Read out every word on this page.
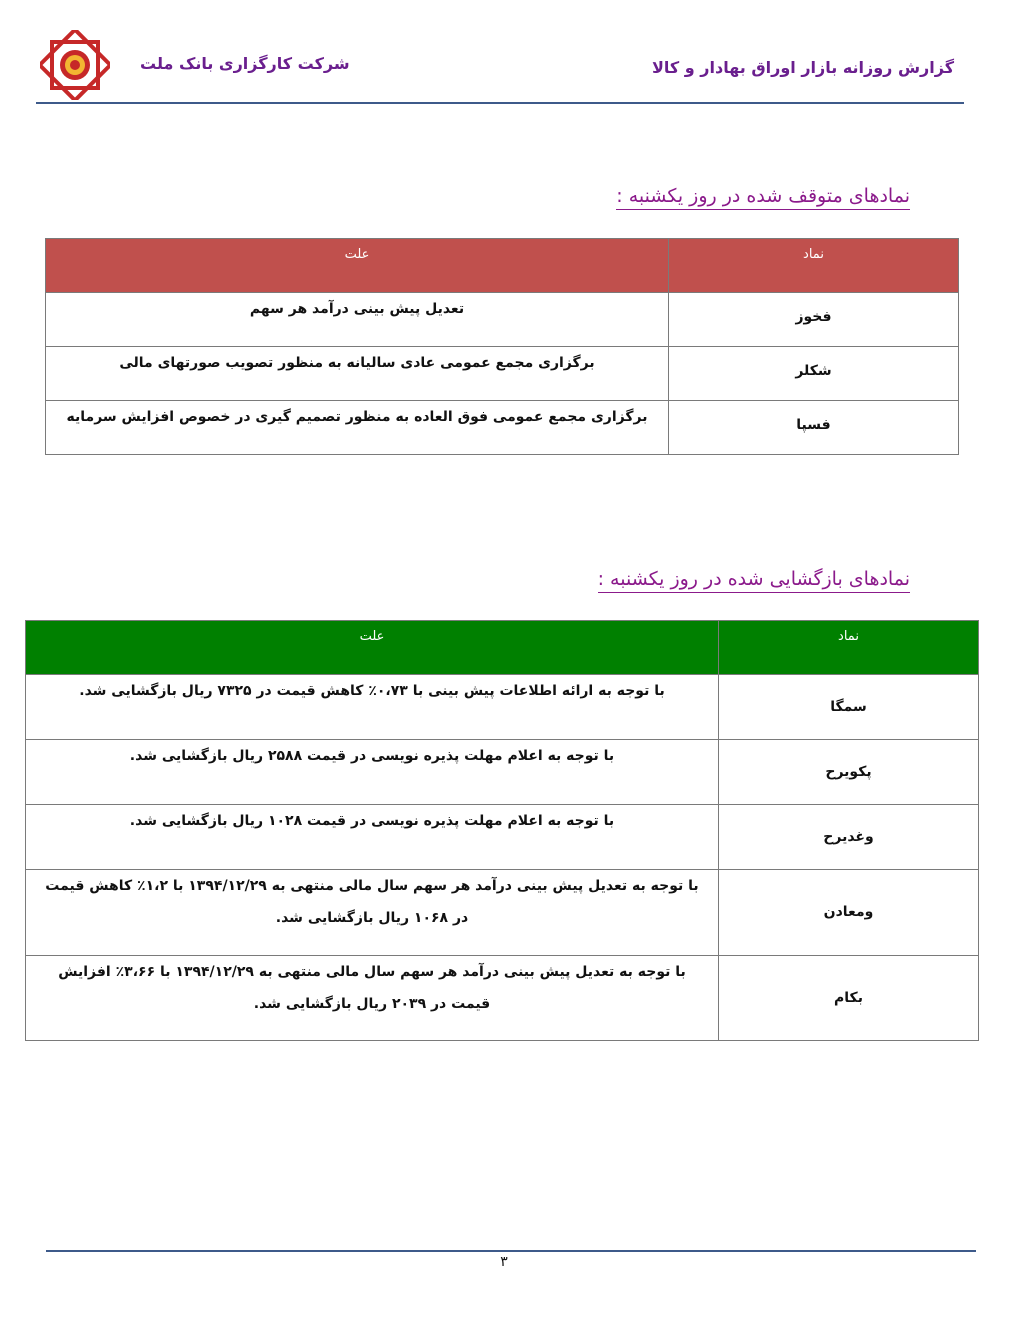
شرکت کارگزاری بانک ملت	گزارش روزانه بازار اوراق بهادار و کالا
نمادهای متوقف شده در روز یکشنبه :
نماد	علت
فخوز	تعدیل پیش بینی درآمد هر سهم

شکلر	برگزاری مجمع عمومی عادی سالیانه به منظور تصویب صورتهای مالی

فسپا	برگزاری مجمع عمومی فوق العاده به منظور تصمیم گیری در خصوص افزایش سرمایه
نمادهای بازگشایی شده در روز یکشنبه :
نماد	علت
سمگا	با توجه به ارائه اطلاعات پیش بینی با ۰،۷۳٪ کاهش قیمت در ۷۳۲۵ ریال بازگشایی شد.

پکویرح	با توجه به اعلام مهلت پذیره نویسی در قیمت ۲۵۸۸ ریال بازگشایی شد.

وغدیرح	با توجه به اعلام مهلت پذیره نویسی در قیمت ۱۰۲۸ ریال بازگشایی شد.

ومعادن	با توجه به تعدیل پیش بینی درآمد هر سهم سال مالی منتهی به ۱۳۹۴/۱۲/۲۹ با ۱،۲٪ کاهش قیمت در ۱۰۶۸ ریال بازگشایی شد.

بکام	با توجه به تعدیل پیش بینی درآمد هر سهم سال مالی منتهی به ۱۳۹۴/۱۲/۲۹ با ۳،۶۶٪ افزایش قیمت در ۲۰۳۹ ریال بازگشایی شد.
۳
